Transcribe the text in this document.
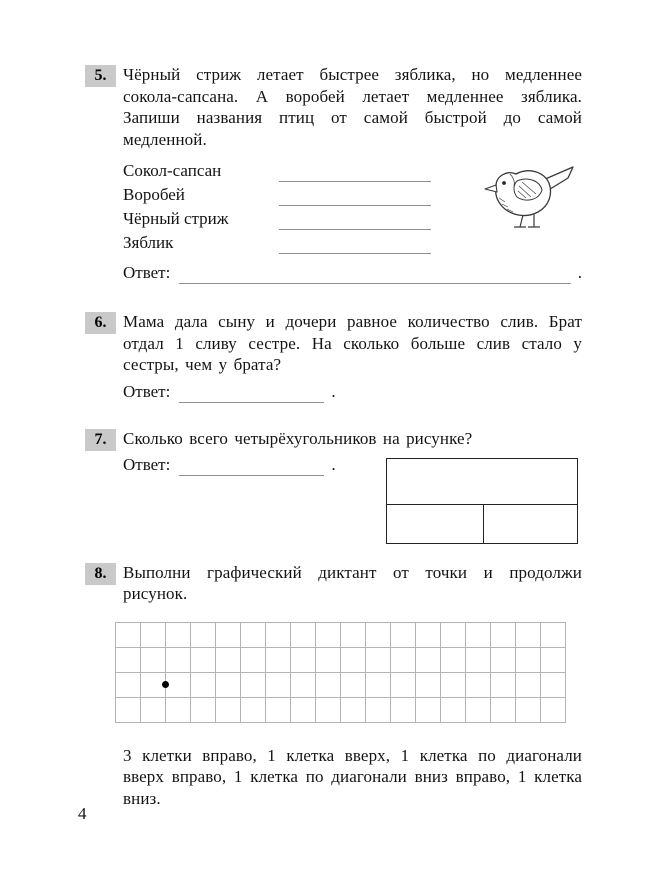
5. Чёрный стриж летает быстрее зяблика, но медленнее сокола-сапсана. А воробей летает медленнее зяблика. Запиши названия птиц от самой быстрой до самой медленной.

Сокол-сапсан
Воробей
Чёрный стриж
Зяблик
Ответ:	.
6. Мама дала сыну и дочери равное количество слив. Брат отдал 1 сливу сестре. На сколько больше слив стало у сестры, чем у брата?

Ответ:	.
7. Сколько всего четырёхугольников на рисунке?

Ответ:	.
8. Выполни графический диктант от точки и продолжи рисунок.

3 клетки вправо, 1 клетка вверх, 1 клетка по диагонали вверх вправо, 1 клетка по диагонали вниз вправо, 1 клетка вниз.

4
